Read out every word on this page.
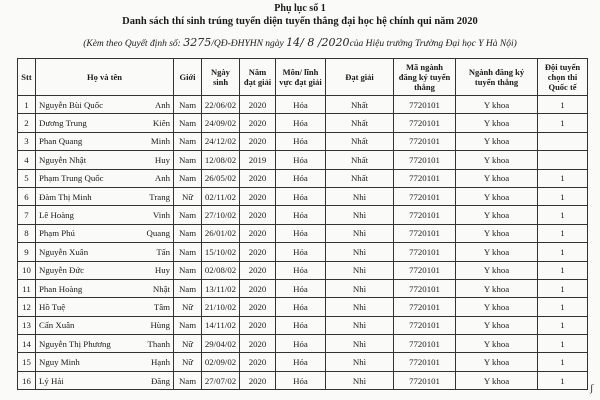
Phụ lục số 1
Danh sách thí sinh trúng tuyển diện tuyển thẳng đại học hệ chính qui năm 2020
(Kèm theo Quyết định số: 3275/QĐ-ĐHYHN ngày 14/ 8 /2020của Hiệu trưởng Trường Đại học Y Hà Nội)
Stt	Họ và tên	Giới	Ngày sinh	Năm đạt giải	Môn/ lĩnh vực đạt giải	Đạt giải	Mã ngành đăng ký tuyển thẳng	Ngành đăng ký tuyển thẳng	Đội tuyển chọn thi Quốc tế
1	Nguyễn Bùi Quốc Anh	Nam	22/06/02	2020	Hóa	Nhất	7720101	Y khoa	1
2	Dương Trung Kiên	Nam	24/09/02	2020	Hóa	Nhất	7720101	Y khoa	1
3	Phan Quang Minh	Nam	24/12/02	2020	Hóa	Nhất	7720101	Y khoa	
4	Nguyễn Nhật Huy	Nam	12/08/02	2019	Hóa	Nhất	7720101	Y khoa	
5	Phạm Trung Quốc Anh	Nam	26/05/02	2020	Hóa	Nhất	7720101	Y khoa	1
6	Đàm Thị Minh Trang	Nữ	02/11/02	2020	Hóa	Nhì	7720101	Y khoa	1
7	Lê Hoàng Vinh	Nam	27/10/02	2020	Hóa	Nhì	7720101	Y khoa	1
8	Phạm Phú Quang	Nam	26/01/02	2020	Hóa	Nhì	7720101	Y khoa	1
9	Nguyễn Xuân Tấn	Nam	15/10/02	2020	Hóa	Nhì	7720101	Y khoa	1
10	Nguyễn Đức Huy	Nam	02/08/02	2020	Hóa	Nhì	7720101	Y khoa	1
11	Phan Hoàng Nhật	Nam	13/11/02	2020	Hóa	Nhì	7720101	Y khoa	1
12	Hồ Tuệ Tâm	Nữ	21/10/02	2020	Hóa	Nhì	7720101	Y khoa	1
13	Cấn Xuân Hùng	Nam	14/11/02	2020	Hóa	Nhì	7720101	Y khoa	1
14	Nguyễn Thị Phương Thanh	Nữ	29/04/02	2020	Hóa	Nhì	7720101	Y khoa	1
15	Nguy Minh Hạnh	Nữ	02/09/02	2020	Hóa	Nhì	7720101	Y khoa	1
16	Lý Hải Đăng	Nam	27/07/02	2020	Hóa	Nhì	7720101	Y khoa	1
ʃ
